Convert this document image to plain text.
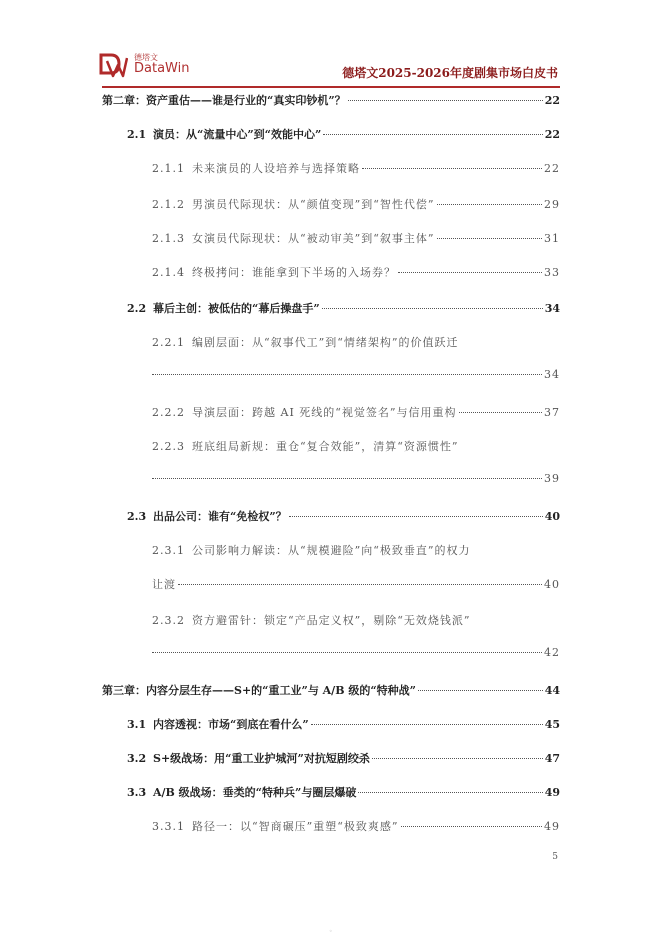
德塔文
DataWin	德塔文2025-2026年度剧集市场白皮书
第二章：资产重估——谁是行业的“真实印钞机”？	22
2.1 演员：从“流量中心”到“效能中心”	22
2.1.1 未来演员的人设培养与选择策略	22
2.1.2 男演员代际现状：从“颜值变现”到“智性代偿”	29
2.1.3 女演员代际现状：从“被动审美”到“叙事主体”	31
2.1.4 终极拷问：谁能拿到下半场的入场券？	33
2.2 幕后主创：被低估的“幕后操盘手”	34
2.2.1 编剧层面：从“叙事代工”到“情绪架构”的价值跃迁
34
2.2.2 导演层面：跨越 AI 死线的“视觉签名”与信用重构	37
2.2.3 班底组局新规：重仓“复合效能”，清算“资源惯性”
39
2.3 出品公司：谁有“免检权”？	40
2.3.1 公司影响力解读：从“规模避险”向“极致垂直”的权力
让渡	40
2.3.2 资方避雷针：锁定“产品定义权”，剔除“无效烧钱派”
42
第三章：内容分层生存——S+的“重工业”与 A/B 级的“特种战”	44
3.1 内容透视：市场“到底在看什么”	45
3.2 S+级战场：用“重工业护城河”对抗短剧绞杀	47
3.3 A/B 级战场：垂类的“特种兵”与圈层爆破	49
3.3.1 路径一：以“智商碾压”重塑“极致爽感”	49
5
◦
